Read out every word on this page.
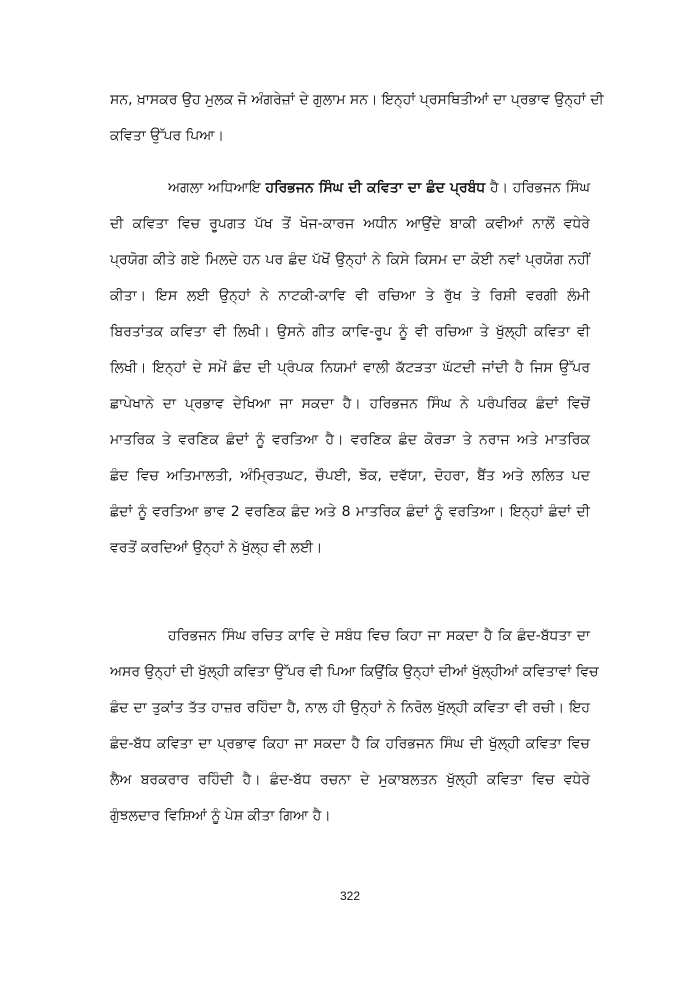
ਸਨ, ਖ਼ਾਸਕਰ ਉਹ ਮੁਲਕ ਜੋ ਅੰਗਰੇਜ਼ਾਂ ਦੇ ਗੁਲਾਮ ਸਨ। ਇਨ੍ਹਾਂ ਪ੍ਰਸਥਿਤੀਆਂ ਦਾ ਪ੍ਰਭਾਵ ਉਨ੍ਹਾਂ ਦੀ
ਕਵਿਤਾ ਉੱਪਰ ਪਿਆ।
ਅਗਲਾ ਅਧਿਆਇ ਹਰਿਭਜਨ ਸਿੰਘ ਦੀ ਕਵਿਤਾ ਦਾ ਛੰਦ ਪ੍ਰਬੰਧ ਹੈ। ਹਰਿਭਜਨ ਸਿੰਘ
ਦੀ ਕਵਿਤਾ ਵਿਚ ਰੂਪਗਤ ਪੱਖ ਤੋਂ ਖੋਜ-ਕਾਰਜ ਅਧੀਨ ਆਉਂਦੇ ਬਾਕੀ ਕਵੀਆਂ ਨਾਲੋਂ ਵਧੇਰੇ
ਪ੍ਰਯੋਗ ਕੀਤੇ ਗਏ ਮਿਲਦੇ ਹਨ ਪਰ ਛੰਦ ਪੱਖੋਂ ਉਨ੍ਹਾਂ ਨੇ ਕਿਸੇ ਕਿਸਮ ਦਾ ਕੋਈ ਨਵਾਂ ਪ੍ਰਯੋਗ ਨਹੀਂ
ਕੀਤਾ। ਇਸ ਲਈ ਉਨ੍ਹਾਂ ਨੇ ਨਾਟਕੀ-ਕਾਵਿ ਵੀ ਰਚਿਆ ਤੇ ਰੁੱਖ ਤੇ ਰਿਸ਼ੀ ਵਰਗੀ ਲੰਮੀ
ਬਿਰਤਾਂਤਕ ਕਵਿਤਾ ਵੀ ਲਿਖੀ। ਉਸਨੇ ਗੀਤ ਕਾਵਿ-ਰੂਪ ਨੂੰ ਵੀ ਰਚਿਆ ਤੇ ਖੁੱਲ੍ਹੀ ਕਵਿਤਾ ਵੀ
ਲਿਖੀ। ਇਨ੍ਹਾਂ ਦੇ ਸਮੇਂ ਛੰਦ ਦੀ ਪ੍ਰੰਪਕ ਨਿਯਮਾਂ ਵਾਲੀ ਕੱਟੜਤਾ ਘੱਟਦੀ ਜਾਂਦੀ ਹੈ ਜਿਸ ਉੱਪਰ
ਛਾਪੇਖਾਨੇ ਦਾ ਪ੍ਰਭਾਵ ਦੇਖਿਆ ਜਾ ਸਕਦਾ ਹੈ। ਹਰਿਭਜਨ ਸਿੰਘ ਨੇ ਪਰੰਪਰਿਕ ਛੰਦਾਂ ਵਿਚੋਂ
ਮਾਤਰਿਕ ਤੇ ਵਰਣਿਕ ਛੰਦਾਂ ਨੂੰ ਵਰਤਿਆ ਹੈ। ਵਰਣਿਕ ਛੰਦ ਕੋਰੜਾ ਤੇ ਨਰਾਜ ਅਤੇ ਮਾਤਰਿਕ
ਛੰਦ ਵਿਚ ਅਤਿਮਾਲਤੀ, ਅੰਮ੍ਰਿਤਘਟ, ਚੌਪਈ, ਝੋਕ, ਦਵੱਯਾ, ਦੋਹਰਾ, ਬੈਂਤ ਅਤੇ ਲਲਿਤ ਪਦ
ਛੰਦਾਂ ਨੂੰ ਵਰਤਿਆ ਭਾਵ 2 ਵਰਣਿਕ ਛੰਦ ਅਤੇ 8 ਮਾਤਰਿਕ ਛੰਦਾਂ ਨੂੰ ਵਰਤਿਆ। ਇਨ੍ਹਾਂ ਛੰਦਾਂ ਦੀ
ਵਰਤੋਂ ਕਰਦਿਆਂ ਉਨ੍ਹਾਂ ਨੇ ਖੁੱਲ੍ਹ ਵੀ ਲਈ।
ਹਰਿਭਜਨ ਸਿੰਘ ਰਚਿਤ ਕਾਵਿ ਦੇ ਸਬੰਧ ਵਿਚ ਕਿਹਾ ਜਾ ਸਕਦਾ ਹੈ ਕਿ ਛੰਦ-ਬੱਧਤਾ ਦਾ
ਅਸਰ ਉਨ੍ਹਾਂ ਦੀ ਖੁੱਲ੍ਹੀ ਕਵਿਤਾ ਉੱਪਰ ਵੀ ਪਿਆ ਕਿਉਂਕਿ ਉਨ੍ਹਾਂ ਦੀਆਂ ਖੁੱਲ੍ਹੀਆਂ ਕਵਿਤਾਵਾਂ ਵਿਚ
ਛੰਦ ਦਾ ਤੁਕਾਂਤ ਤੱਤ ਹਾਜ਼ਰ ਰਹਿੰਦਾ ਹੈ, ਨਾਲ ਹੀ ਉਨ੍ਹਾਂ ਨੇ ਨਿਰੋਲ ਖੁੱਲ੍ਹੀ ਕਵਿਤਾ ਵੀ ਰਚੀ। ਇਹ
ਛੰਦ-ਬੱਧ ਕਵਿਤਾ ਦਾ ਪ੍ਰਭਾਵ ਕਿਹਾ ਜਾ ਸਕਦਾ ਹੈ ਕਿ ਹਰਿਭਜਨ ਸਿੰਘ ਦੀ ਖੁੱਲ੍ਹੀ ਕਵਿਤਾ ਵਿਚ
ਲੈਅ ਬਰਕਰਾਰ ਰਹਿੰਦੀ ਹੈ। ਛੰਦ-ਬੱਧ ਰਚਨਾ ਦੇ ਮੁਕਾਬਲਤਨ ਖੁੱਲ੍ਹੀ ਕਵਿਤਾ ਵਿਚ ਵਧੇਰੇ
ਗੁੰਝਲਦਾਰ ਵਿਸ਼ਿਆਂ ਨੂੰ ਪੇਸ਼ ਕੀਤਾ ਗਿਆ ਹੈ।
322
